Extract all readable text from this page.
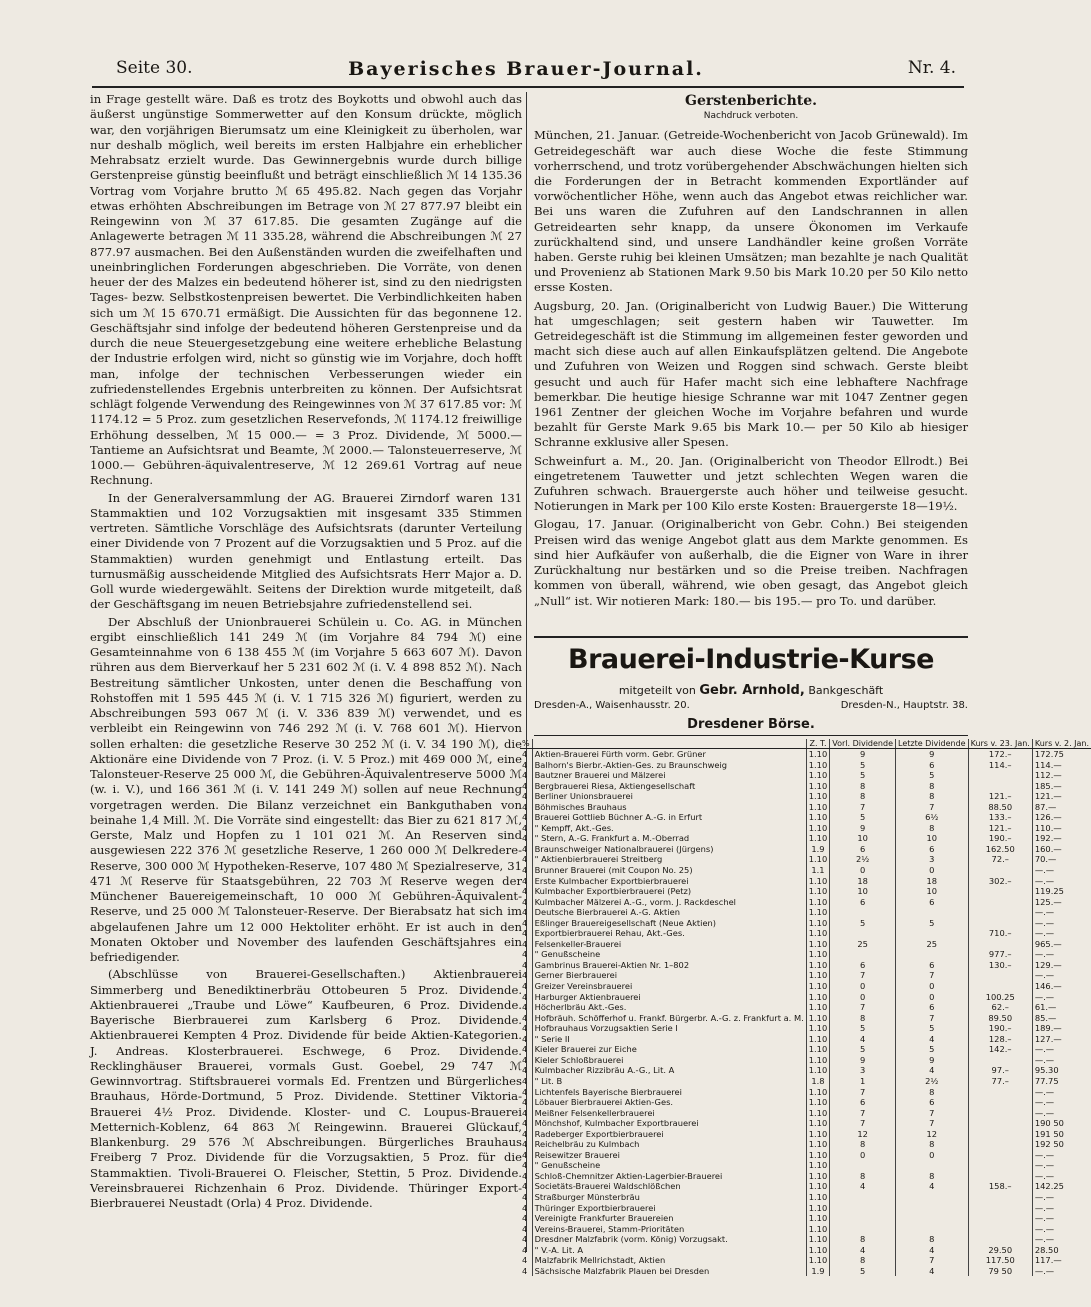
Seite 30.	Bayerisches Brauer-Journal.	Nr. 4.

in Frage gestellt wäre. Daß es trotz des Boykotts und obwohl auch das äußerst ungünstige Sommerwetter auf den Konsum drückte, möglich war, den vorjährigen Bierumsatz um eine Kleinigkeit zu überholen, war nur deshalb möglich, weil bereits im ersten Halbjahre ein erheblicher Mehrabsatz erzielt wurde. Das Gewinnergebnis wurde durch billige Gerstenpreise günstig beeinflußt und beträgt einschließlich ℳ 14 135.36 Vortrag vom Vorjahre brutto ℳ 65 495.82. Nach gegen das Vorjahr etwas erhöhten Abschreibungen im Betrage von ℳ 27 877.97 bleibt ein Reingewinn von ℳ 37 617.85. Die gesamten Zugänge auf die Anlagewerte betragen ℳ 11 335.28, während die Abschreibungen ℳ 27 877.97 ausmachen. Bei den Außenständen wurden die zweifelhaften und uneinbringlichen Forderungen abgeschrieben. Die Vorräte, von denen heuer der des Malzes ein bedeutend höherer ist, sind zu den niedrigsten Tages- bezw. Selbstkostenpreisen bewertet. Die Verbindlichkeiten haben sich um ℳ 15 670.71 ermäßigt. Die Aussichten für das begonnene 12. Geschäftsjahr sind infolge der bedeutend höheren Gerstenpreise und da durch die neue Steuergesetzgebung eine weitere erhebliche Belastung der Industrie erfolgen wird, nicht so günstig wie im Vorjahre, doch hofft man, infolge der technischen Verbesserungen wieder ein zufriedenstellendes Ergebnis unterbreiten zu können. Der Aufsichtsrat schlägt folgende Verwendung des Reingewinnes von ℳ 37 617.85 vor: ℳ 1174.12 = 5 Proz. zum gesetzlichen Reservefonds, ℳ 1174.12 freiwillige Erhöhung desselben, ℳ 15 000.— = 3 Proz. Dividende, ℳ 5000.— Tantieme an Aufsichtsrat und Beamte, ℳ 2000.— Talonsteuerreserve, ℳ 1000.— Gebühren-äquivalentreserve, ℳ 12 269.61 Vortrag auf neue Rechnung.

In der Generalversammlung der AG. Brauerei Zirndorf waren 131 Stammaktien und 102 Vorzugsaktien mit insgesamt 335 Stimmen vertreten. Sämtliche Vorschläge des Aufsichtsrats (darunter Verteilung einer Dividende von 7 Prozent auf die Vorzugsaktien und 5 Proz. auf die Stammaktien) wurden genehmigt und Entlastung erteilt. Das turnusmäßig ausscheidende Mitglied des Aufsichtsrats Herr Major a. D. Goll wurde wiedergewählt. Seitens der Direktion wurde mitgeteilt, daß der Geschäftsgang im neuen Betriebsjahre zufriedenstellend sei.

Der Abschluß der Unionbrauerei Schülein u. Co. AG. in München ergibt einschließlich 141 249 ℳ (im Vorjahre 84 794 ℳ) eine Gesamteinnahme von 6 138 455 ℳ (im Vorjahre 5 663 607 ℳ). Davon rühren aus dem Bierverkauf her 5 231 602 ℳ (i. V. 4 898 852 ℳ). Nach Bestreitung sämtlicher Unkosten, unter denen die Beschaffung von Rohstoffen mit 1 595 445 ℳ (i. V. 1 715 326 ℳ) figuriert, werden zu Abschreibungen 593 067 ℳ (i. V. 336 839 ℳ) verwendet, und es verbleibt ein Reingewinn von 746 292 ℳ (i. V. 768 601 ℳ). Hiervon sollen erhalten: die gesetzliche Reserve 30 252 ℳ (i. V. 34 190 ℳ), die Aktionäre eine Dividende von 7 Proz. (i. V. 5 Proz.) mit 469 000 ℳ, eine Talonsteuer-Reserve 25 000 ℳ, die Gebühren-Äquivalentreserve 5000 ℳ (w. i. V.), und 166 361 ℳ (i. V. 141 249 ℳ) sollen auf neue Rechnung vorgetragen werden. Die Bilanz verzeichnet ein Bankguthaben von beinahe 1,4 Mill. ℳ. Die Vorräte sind eingestellt: das Bier zu 621 817 ℳ, Gerste, Malz und Hopfen zu 1 101 021 ℳ. An Reserven sind ausgewiesen 222 376 ℳ gesetzliche Reserve, 1 260 000 ℳ Delkredere-Reserve, 300 000 ℳ Hypotheken-Reserve, 107 480 ℳ Spezialreserve, 31 471 ℳ Reserve für Staatsgebühren, 22 703 ℳ Reserve wegen der Münchener Bauereigemeinschaft, 10 000 ℳ Gebühren-Äquivalent-Reserve, und 25 000 ℳ Talonsteuer-Reserve. Der Bierabsatz hat sich im abgelaufenen Jahre um 12 000 Hektoliter erhöht. Er ist auch in den Monaten Oktober und November des laufenden Geschäftsjahres ein befriedigender.

(Abschlüsse von Brauerei-Gesellschaften.) Aktienbrauerei Simmerberg und Benediktinerbräu Ottobeuren 5 Proz. Dividende. Aktienbrauerei „Traube und Löwe“ Kaufbeuren, 6 Proz. Dividende. Bayerische Bierbrauerei zum Karlsberg 6 Proz. Dividende. Aktienbrauerei Kempten 4 Proz. Dividende für beide Aktien-Kategorien. J. Andreas. Klosterbrauerei. Eschwege, 6 Proz. Dividende. Recklinghäuser Brauerei, vormals Gust. Goebel, 29 747 ℳ Gewinnvortrag. Stiftsbrauerei vormals Ed. Frentzen und Bürgerliches Brauhaus, Hörde-Dortmund, 5 Proz. Dividende. Stettiner Viktoria-Brauerei 4½ Proz. Dividende. Kloster- und C. Loupus-Brauerei Metternich-Koblenz, 64 863 ℳ Reingewinn. Brauerei Glückauf, Blankenburg. 29 576 ℳ Abschreibungen. Bürgerliches Brauhaus Freiberg 7 Proz. Dividende für die Vorzugsaktien, 5 Proz. für die Stammaktien. Tivoli-Brauerei O. Fleischer, Stettin, 5 Proz. Dividende. Vereinsbrauerei Richzenhain 6 Proz. Dividende. Thüringer Export-Bierbrauerei Neustadt (Orla) 4 Proz. Dividende.

Gerstenberichte.
Nachdruck verboten.

München, 21. Januar. (Getreide-Wochenbericht von Jacob Grünewald). Im Getreidegeschäft war auch diese Woche die feste Stimmung vorherrschend, und trotz vorübergehender Abschwächungen hielten sich die Forderungen der in Betracht kommenden Exportländer auf vorwöchentlicher Höhe, wenn auch das Angebot etwas reichlicher war. Bei uns waren die Zufuhren auf den Landschrannen in allen Getreidearten sehr knapp, da unsere Ökonomen im Verkaufe zurückhaltend sind, und unsere Landhändler keine großen Vorräte haben. Gerste ruhig bei kleinen Umsätzen; man bezahlte je nach Qualität und Provenienz ab Stationen Mark 9.50 bis Mark 10.20 per 50 Kilo netto ersse Kosten.

Augsburg, 20. Jan. (Originalbericht von Ludwig Bauer.) Die Witterung hat umgeschlagen; seit gestern haben wir Tauwetter. Im Getreidegeschäft ist die Stimmung im allgemeinen fester geworden und macht sich diese auch auf allen Einkaufsplätzen geltend. Die Angebote und Zufuhren von Weizen und Roggen sind schwach. Gerste bleibt gesucht und auch für Hafer macht sich eine lebhaftere Nachfrage bemerkbar. Die heutige hiesige Schranne war mit 1047 Zentner gegen 1961 Zentner der gleichen Woche im Vorjahre befahren und wurde bezahlt für Gerste Mark 9.65 bis Mark 10.— per 50 Kilo ab hiesiger Schranne exklusive aller Spesen.

Schweinfurt a. M., 20. Jan. (Originalbericht von Theodor Ellrodt.) Bei eingetretenem Tauwetter und jetzt schlechten Wegen waren die Zufuhren schwach. Brauergerste auch höher und teilweise gesucht. Notierungen in Mark per 100 Kilo erste Kosten: Brauergerste 18—19½.

Glogau, 17. Januar. (Originalbericht von Gebr. Cohn.) Bei steigenden Preisen wird das wenige Angebot glatt aus dem Markte genommen. Es sind hier Aufkäufer von außerhalb, die die Eigner von Ware in ihrer Zurückhaltung nur bestärken und so die Preise treiben. Nachfragen kommen von überall, während, wie oben gesagt, das Angebot gleich „Null“ ist. Wir notieren Mark: 180.— bis 195.— pro To. und darüber.

Brauerei-Industrie-Kurse
mitgeteilt von Gebr. Arnhold, Bankgeschäft
Dresden-A., Waisenhausstr. 20.	Dresden-N., Hauptstr. 38.
Dresdener Börse.
%		Z. T.	Vorl. Dividende	Letzte Dividende	Kurs v. 23. Jan.	Kurs v. 2. Jan.
4	Aktien-Brauerei Fürth vorm. Gebr. Grüner	1.10	9	9	172.–	172.75
4	Balhorn's Bierbr.-Aktien-Ges. zu Braunschweig	1.10	5	6	114.–	114.—
4	Bautzner Brauerei und Mälzerei	1.10	5	5		112.—
4	Bergbrauerei Riesa, Aktiengesellschaft	1.10	8	8		185.—
4	Berliner Unionsbrauerei	1.10	8	8	121.–	121.—
4	Böhmisches Brauhaus	1.10	7	7	88.50	87.—
4	Brauerei Gottlieb Büchner A.-G. in Erfurt	1.10	5	6½	133.–	126.—
4	" Kempff, Akt.-Ges.	1.10	9	8	121.–	110.—
4	" Stern, A.-G. Frankfurt a. M.-Oberrad	1.10	10	10	190.–	192.—
4	Braunschweiger Nationalbrauerei (Jürgens)	1.9	6	6	162.50	160.—
4	" Aktienbierbrauerei Streitberg	1.10	2½	3	72.–	70.—
4	Brunner Brauerei (mit Coupon No. 25)	1.1	0	0		—.—
4	Erste Kulmbacher Exportbierbrauerei	1.10	18	18	302.–	—.—
4	Kulmbacher Exportbierbrauerei (Petz)	1.10	10	10		119.25
4	Kulmbacher Mälzerei A.-G., vorm. J. Rackdeschel	1.10	6	6		125.—
4	Deutsche Bierbrauerei A.-G. Aktien	1.10				—.—
4	Eßlinger Brauereigesellschaft (Neue Aktien)	1.10	5	5		—.—
4	Exportbierbrauerei Rehau, Akt.-Ges.	1.10			710.–	—.—
4	Felsenkeller-Brauerei	1.10	25	25		965.—
4	" Genußscheine	1.10			977.–	—.—
4	Gambrinus Brauerei-Aktien Nr. 1–802	1.10	6	6	130.–	129.—
4	Gerner Bierbrauerei	1.10	7	7		—.—
4	Greizer Vereinsbrauerei	1.10	0	0		146.—
4	Harburger Aktienbrauerei	1.10	0	0	100.25	—.—
4	Höcherlbräu Akt.-Ges.	1.10	7	6	62.–	61.—
4	Hofbräuh. Schöfferhof u. Frankf. Bürgerbr. A.-G. z. Frankfurt a. M.	1.10	8	7	89.50	85.—
4	Hofbrauhaus Vorzugsaktien Serie I	1.10	5	5	190.–	189.—
4	" Serie II	1.10	4	4	128.–	127.—
4	Kieler Brauerei zur Eiche	1.10	5	5	142.–	—.—
4	Kieler Schloßbrauerei	1.10	9	9		—.—
4	Kulmbacher Rizzibräu A.-G., Lit. A	1.10	3	4	97.–	95.30
4	" Lit. B	1.8	1	2½	77.–	77.75
4	Lichtenfels Bayerische Bierbrauerei	1.10	7	8		—.—
4	Löbauer Bierbrauerei Aktien-Ges.	1.10	6	6		—.—
4	Meißner Felsenkellerbrauerei	1.10	7	7		—.—
4	Mönchshof, Kulmbacher Exportbrauerei	1.10	7	7		190 50
4	Radeberger Exportbierbrauerei	1.10	12	12		191 50
4	Reichelbräu zu Kulmbach	1.10	8	8		192 50
4	Reisewitzer Brauerei	1.10	0	0		—.—
4	" Genußscheine	1.10				—.—
4	Schloß-Chemnitzer Aktien-Lagerbier-Brauerei	1.10	8	8		—.—
4	Societäts-Brauerei Waldschlößchen	1.10	4	4	158.–	142.25
4	Straßburger Münsterbräu	1.10				—.—
4	Thüringer Exportbierbrauerei	1.10				—.—
4	Vereinigte Frankfurter Brauereien	1.10				—.—
4	Vereins-Brauerei, Stamm-Prioritäten	1.10				—.—
4	Dresdner Malzfabrik (vorm. König) Vorzugsakt.	1.10	8	8		—.—
4	" V.-A. Lit. A	1.10	4	4	29.50	28.50
4	Malzfabrik Mellrichstadt, Aktien	1.10	8	7	117.50	117.—
4	Sächsische Malzfabrik Plauen bei Dresden	1.9	5	4	79 50	—.—
